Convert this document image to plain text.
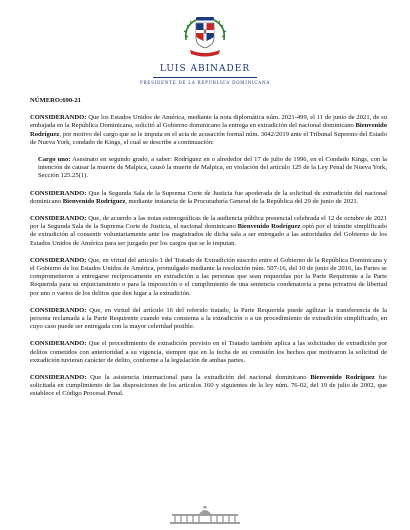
LUIS ABINADER
PRESIDENTE DE LA REPÚBLICA DOMINICANA

NÚMERO:690-21

CONSIDERANDO: Que los Estados Unidos de América, mediante la nota diplomática núm. 2021-499, el 11 de junio de 2021, de su embajada en la República Dominicana, solicitó al Gobierno dominicano la entrega en extradición del nacional dominicano Bienvenido Rodríguez, por motivo del cargo que se le imputa en el acta de acusación formal núm. 3042/2019 ante el Tribunal Supremo del Estado de Nueva York, condado de Kings, el cual se describe a continuación:

Cargo uno: Asesinato en segundo grado, a saber: Rodríguez en o alrededor del 17 de julio de 1996, en el Condado Kings, con la intención de causar la muerte de Malpica, causó la muerte de Malpica, en violación del artículo 125 de la Ley Penal de Nueva York, Sección 125.25(1).

CONSIDERANDO: Que la Segunda Sala de la Suprema Corte de Justicia fue apoderada de la solicitud de extradición del nacional dominicano Bienvenido Rodríguez, mediante instancia de la Procuraduría General de la República del 29 de junio de 2021.

CONSIDERANDO: Que, de acuerdo a las notas estenográficas de la audiencia pública presencial celebrada el 12 de octubre de 2021 por la Segunda Sala de la Suprema Corte de Justicia, el nacional dominicano Bienvenido Rodríguez optó por el trámite simplificado de extradición al consentir voluntariamente ante los magistrados de dicha sala a ser entregado a las autoridades del Gobierno de los Estados Unidos de América para ser juzgado por los cargos que se le imputan.

CONSIDERANDO: Que, en virtud del artículo 1 del Tratado de Extradición suscrito entre el Gobierno de la República Dominicana y el Gobierno de los Estados Unidos de América, promulgado mediante la resolución núm. 507-16, del 10 de junio de 2016, las Partes se comprometieron a entregarse recíprocamente en extradición a las personas que sean requeridas por la Parte Requirente a la Parte Requerida para su enjuiciamiento o para la imposición o el cumplimiento de una sentencia condenatoria a pena privativa de libertad por uno o varios de los delitos que den lugar a la extradición.

CONSIDERANDO: Que, en virtud del artículo 16 del referido tratado, la Parte Requerida puede agilizar la transferencia de la persona reclamada a la Parte Requirente cuando esta consienta a la extradición o a un procedimiento de extradición simplificado, en cuyo caso puede ser entregada con la mayor celeridad posible.

CONSIDERANDO: Que el procedimiento de extradición previsto en el Tratado también aplica a las solicitudes de extradición por delitos cometidos con anterioridad a su vigencia, siempre que en la fecha de su comisión los hechos que motivaron la solicitud de extradición tuvieran carácter de delito, conforme a la legislación de ambas partes.

CONSIDERANDO: Que la asistencia internacional para la extradición del nacional dominicano Bienvenido Rodríguez fue solicitada en cumplimiento de las disposiciones de los artículos 160 y siguientes de la ley núm. 76-02, del 19 de julio de 2002, que establece el Código Procesal Penal.
